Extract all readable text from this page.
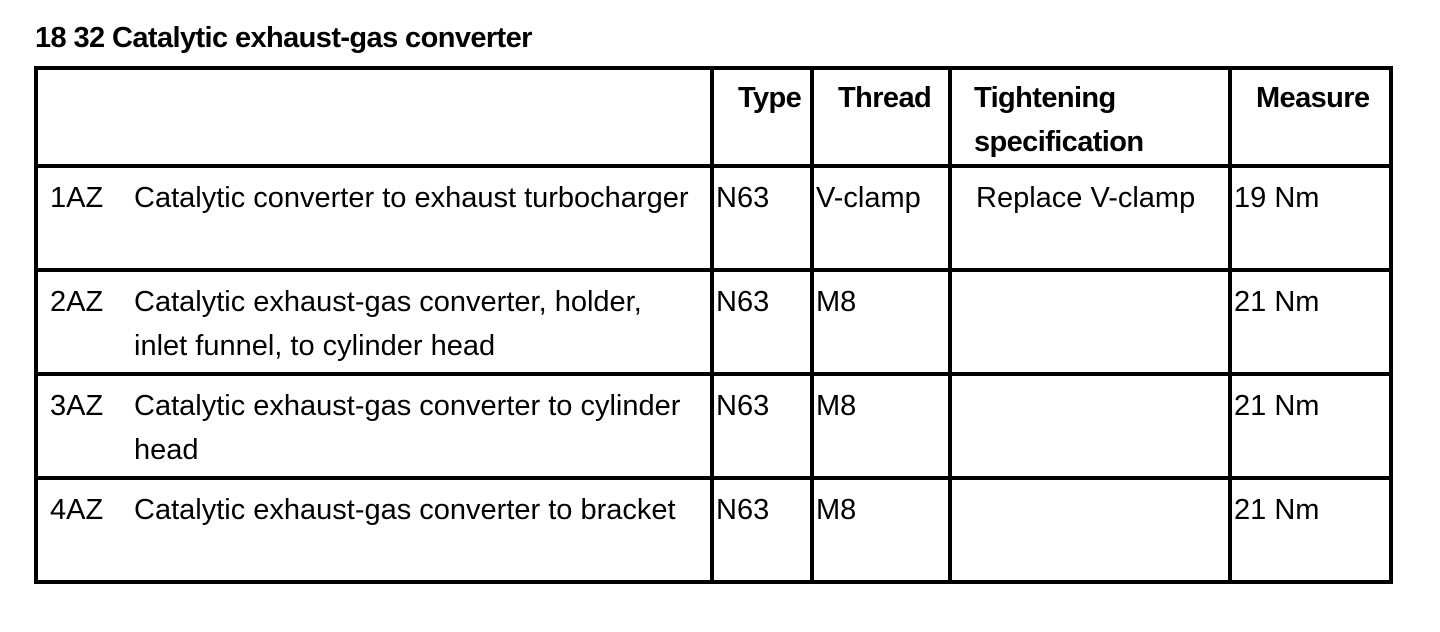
18 32 Catalytic exhaust-gas converter
	Type	Thread	Tightening specification	Measure

1AZ Catalytic converter to exhaust turbocharger	N63	V-clamp	Replace V-clamp	19 Nm

2AZ Catalytic exhaust-gas converter, holder, inlet funnel, to cylinder head	N63	M8		21 Nm

3AZ Catalytic exhaust-gas converter to cylinder head	N63	M8		21 Nm

4AZ Catalytic exhaust-gas converter to bracket	N63	M8		21 Nm
